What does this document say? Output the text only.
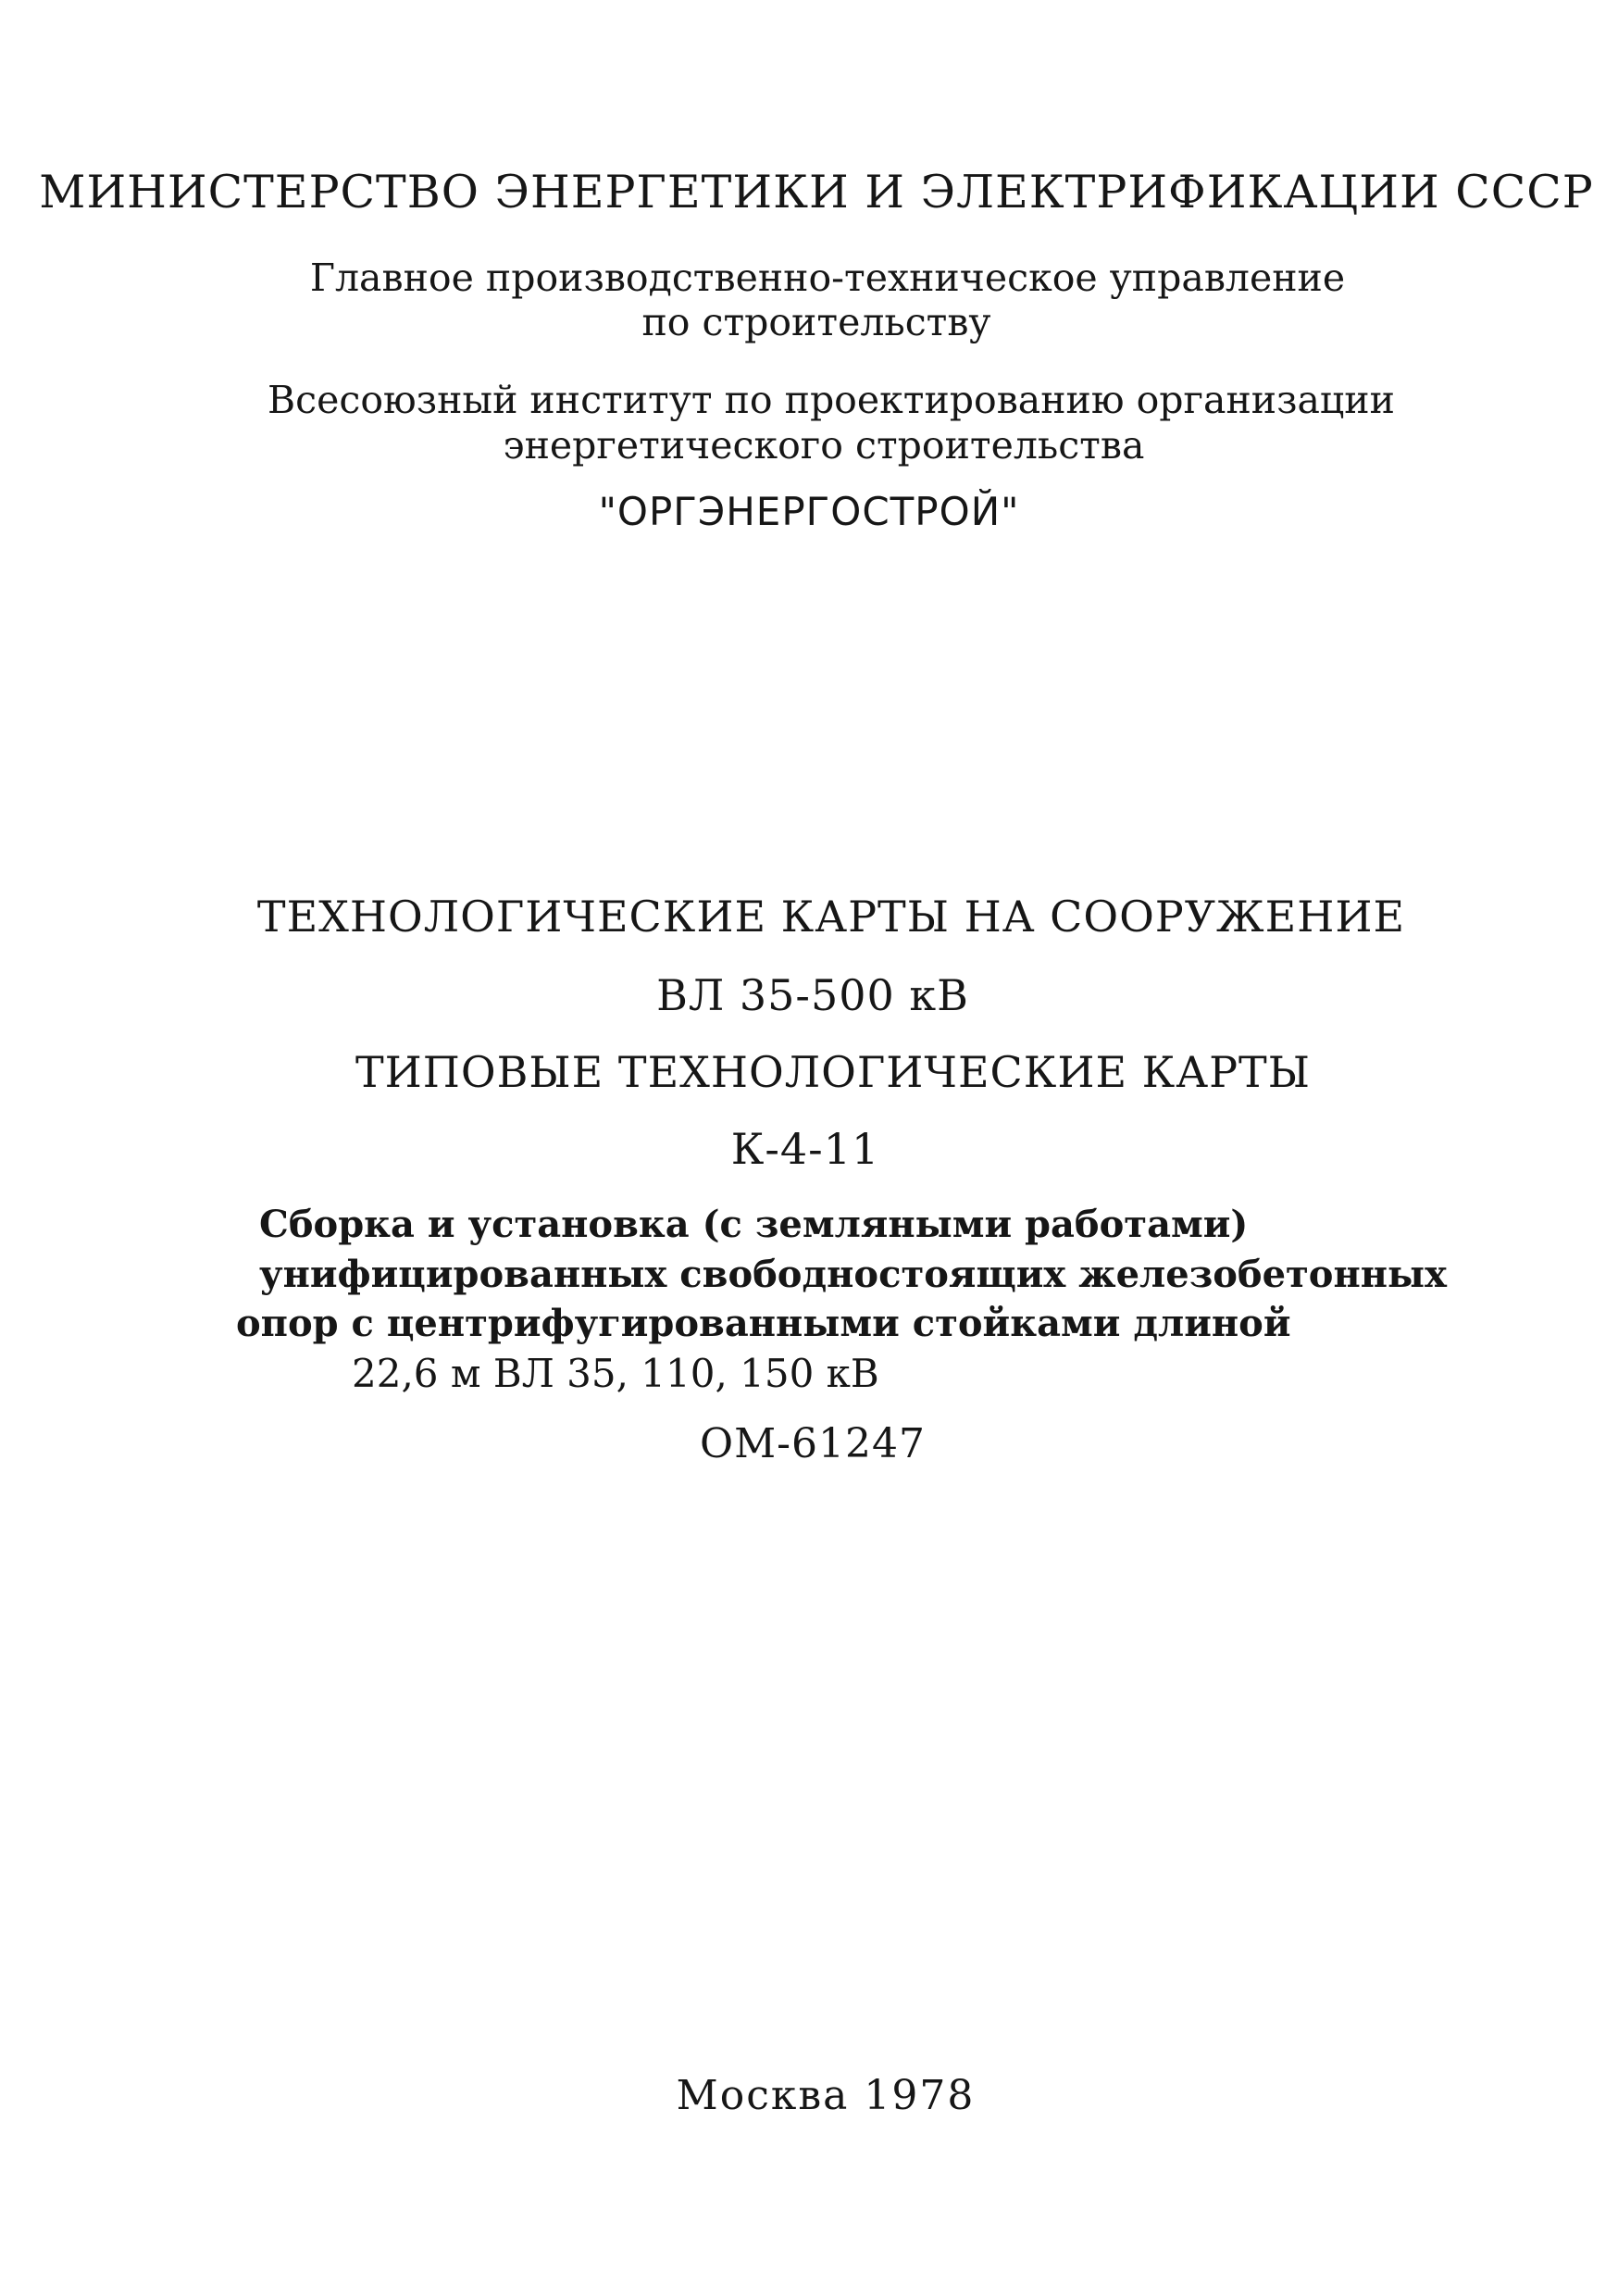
МИНИСТЕРСТВО ЭНЕРГЕТИКИ И ЭЛЕКТРИФИКАЦИИ СССР
Главное производственно-техническое управление
по строительству
Всесоюзный институт по проектированию организации
энергетического строительства
"ОРГЭНЕРГОСТРОЙ"
ТЕХНОЛОГИЧЕСКИЕ КАРТЫ НА СООРУЖЕНИЕ
ВЛ 35-500 кВ
ТИПОВЫЕ ТЕХНОЛОГИЧЕСКИЕ КАРТЫ
К-4-11
Сборка и установка (с земляными работами)
унифицированных свободностоящих железобетонных
опор с центрифугированными стойками длиной
22,6 м ВЛ 35, 110, 150 кВ
ОМ-61247
Москва 1978
